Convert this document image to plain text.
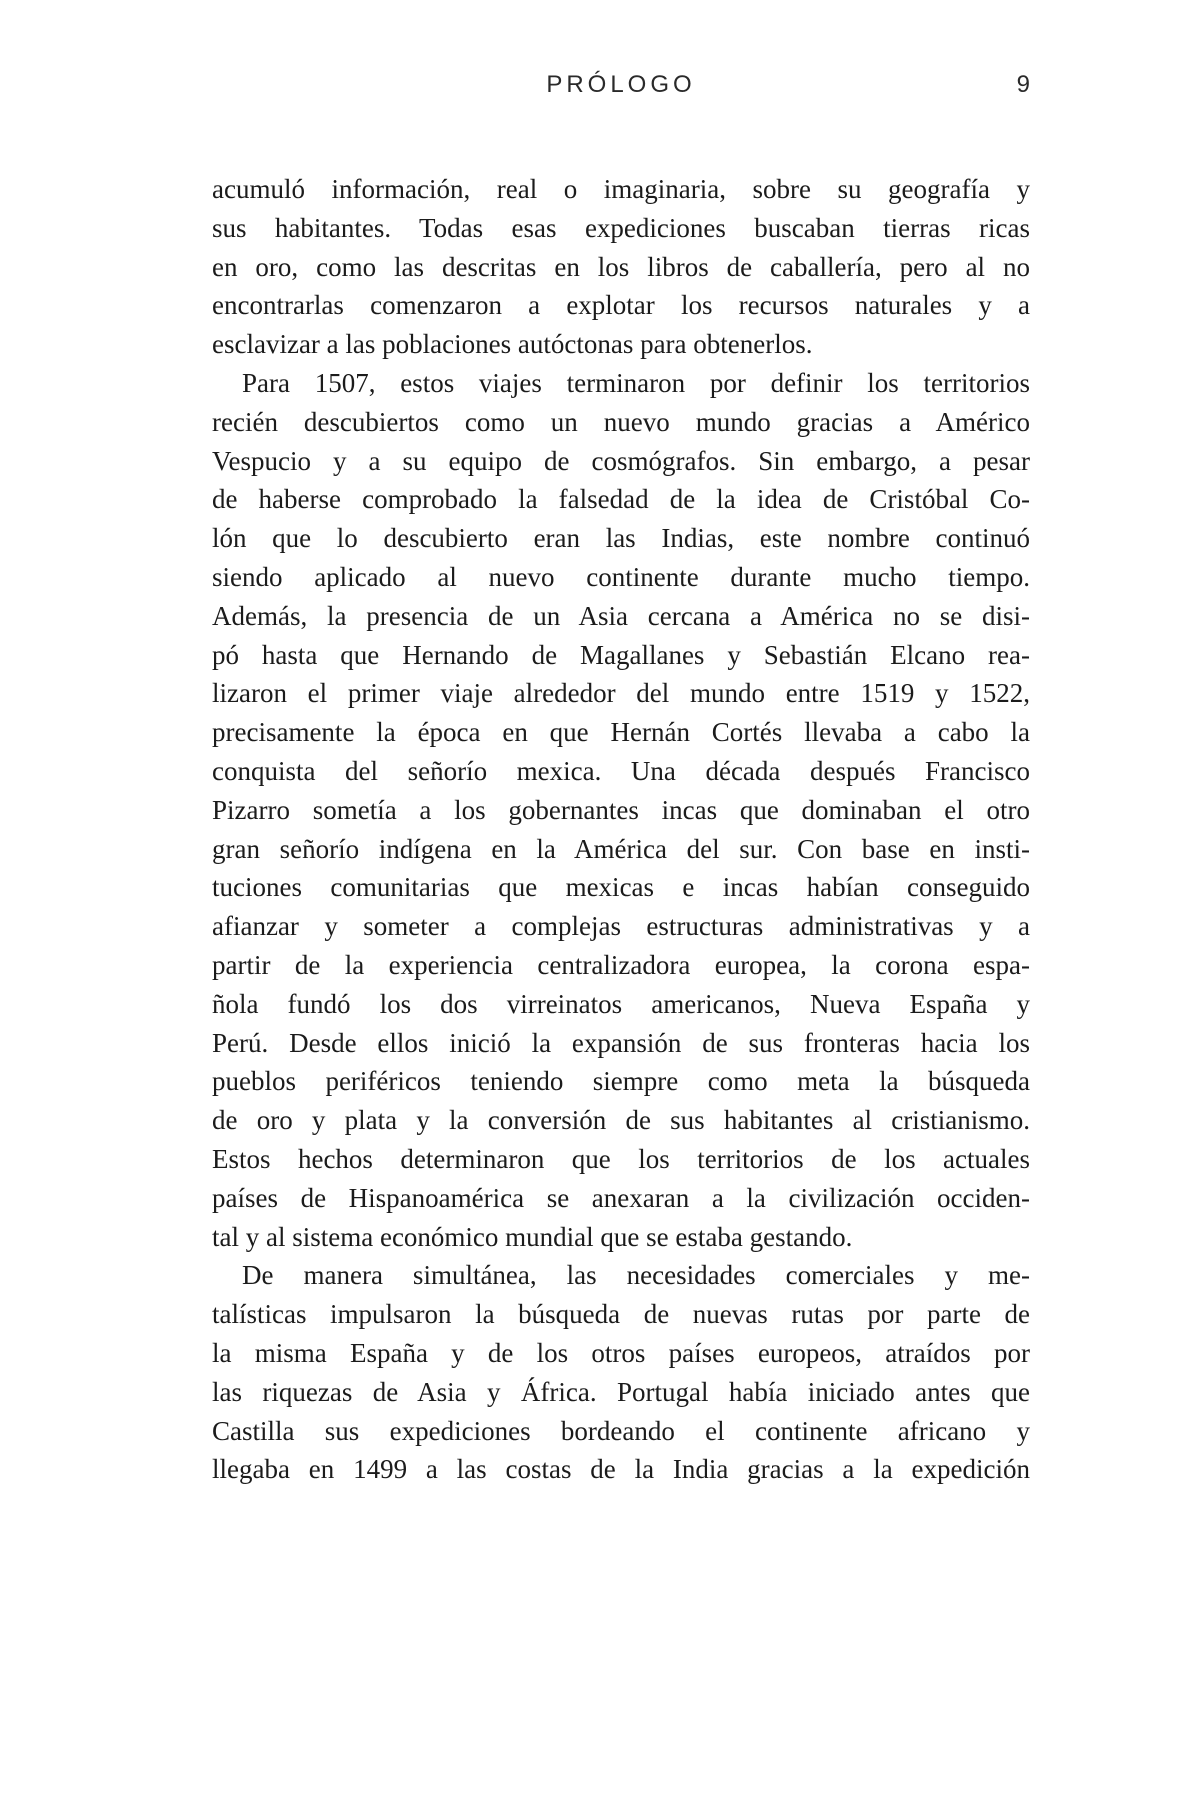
PRÓLOGO	9
acumuló información, real o imaginaria, sobre su geografía y
sus habitantes. Todas esas expediciones buscaban tierras ricas
en oro, como las descritas en los libros de caballería, pero al no
encontrarlas comenzaron a explotar los recursos naturales y a
esclavizar a las poblaciones autóctonas para obtenerlos.
Para 1507, estos viajes terminaron por definir los territorios
recién descubiertos como un nuevo mundo gracias a Américo
Vespucio y a su equipo de cosmógrafos. Sin embargo, a pesar
de haberse comprobado la falsedad de la idea de Cristóbal Co-
lón que lo descubierto eran las Indias, este nombre continuó
siendo aplicado al nuevo continente durante mucho tiempo.
Además, la presencia de un Asia cercana a América no se disi-
pó hasta que Hernando de Magallanes y Sebastián Elcano rea-
lizaron el primer viaje alrededor del mundo entre 1519 y 1522,
precisamente la época en que Hernán Cortés llevaba a cabo la
conquista del señorío mexica. Una década después Francisco
Pizarro sometía a los gobernantes incas que dominaban el otro
gran señorío indígena en la América del sur. Con base en insti-
tuciones comunitarias que mexicas e incas habían conseguido
afianzar y someter a complejas estructuras administrativas y a
partir de la experiencia centralizadora europea, la corona espa-
ñola fundó los dos virreinatos americanos, Nueva España y
Perú. Desde ellos inició la expansión de sus fronteras hacia los
pueblos periféricos teniendo siempre como meta la búsqueda
de oro y plata y la conversión de sus habitantes al cristianismo.
Estos hechos determinaron que los territorios de los actuales
países de Hispanoamérica se anexaran a la civilización occiden-
tal y al sistema económico mundial que se estaba gestando.
De manera simultánea, las necesidades comerciales y me-
talísticas impulsaron la búsqueda de nuevas rutas por parte de
la misma España y de los otros países europeos, atraídos por
las riquezas de Asia y África. Portugal había iniciado antes que
Castilla sus expediciones bordeando el continente africano y
llegaba en 1499 a las costas de la India gracias a la expedición
